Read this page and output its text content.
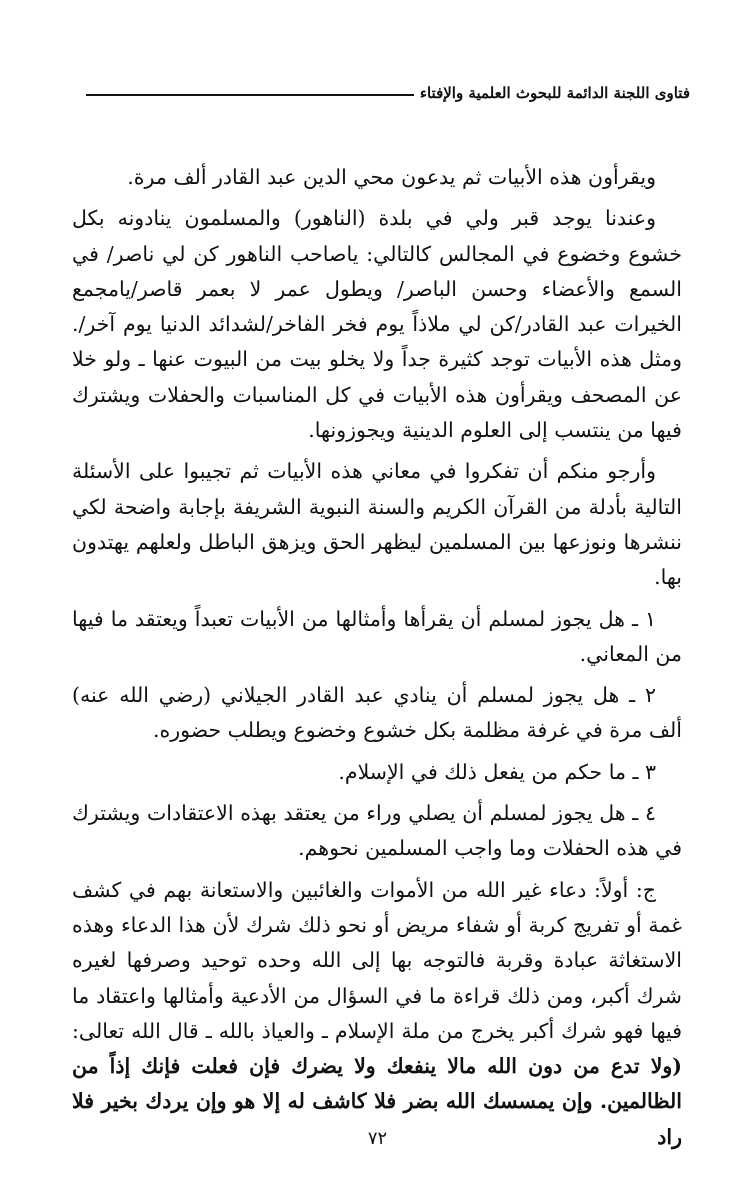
فتاوى اللجنة الدائمة للبحوث العلمية والإفتاء

ويقرأون هذه الأبيات ثم يدعون محي الدين عبد القادر ألف مرة.

وعندنا يوجد قبر ولي في بلدة (الناهور) والمسلمون ينادونه بكل خشوع وخضوع في المجالس كالتالي: ياصاحب الناهور كن لي ناصر/ في السمع والأعضاء وحسن الباصر/ ويطول عمر لا بعمر قاصر/يامجمع الخيرات عبد القادر/كن لي ملاذاً يوم فخر الفاخر/لشدائد الدنيا يوم آخر/. ومثل هذه الأبيات توجد كثيرة جداً ولا يخلو بيت من البيوت عنها ـ ولو خلا عن المصحف ويقرأون هذه الأبيات في كل المناسبات والحفلات ويشترك فيها من ينتسب إلى العلوم الدينية ويجوزونها.

وأرجو منكم أن تفكروا في معاني هذه الأبيات ثم تجيبوا على الأسئلة التالية بأدلة من القرآن الكريم والسنة النبوية الشريفة بإجابة واضحة لكي ننشرها ونوزعها بين المسلمين ليظهر الحق ويزهق الباطل ولعلهم يهتدون بها.

١ ـ هل يجوز لمسلم أن يقرأها وأمثالها من الأبيات تعبداً ويعتقد ما فيها من المعاني.

٢ ـ هل يجوز لمسلم أن ينادي عبد القادر الجيلاني (رضي الله عنه) ألف مرة في غرفة مظلمة بكل خشوع وخضوع ويطلب حضوره.

٣ ـ ما حكم من يفعل ذلك في الإسلام.

٤ ـ هل يجوز لمسلم أن يصلي وراء من يعتقد بهذه الاعتقادات ويشترك في هذه الحفلات وما واجب المسلمين نحوهم.

ج: أولاً: دعاء غير الله من الأموات والغائبين والاستعانة بهم في كشف غمة أو تفريج كربة أو شفاء مريض أو نحو ذلك شرك لأن هذا الدعاء وهذه الاستغاثة عبادة وقربة فالتوجه بها إلى الله وحده توحيد وصرفها لغيره شرك أكبر، ومن ذلك قراءة ما في السؤال من الأدعية وأمثالها واعتقاد ما فيها فهو شرك أكبر يخرج من ملة الإسلام ـ والعياذ بالله ـ قال الله تعالى: (ولا تدع من دون الله مالا ينفعك ولا يضرك فإن فعلت فإنك إذاً من الظالمين. وإن يمسسك الله بضر فلا كاشف له إلا هو وإن يردك بخير فلا راد

٧٢
